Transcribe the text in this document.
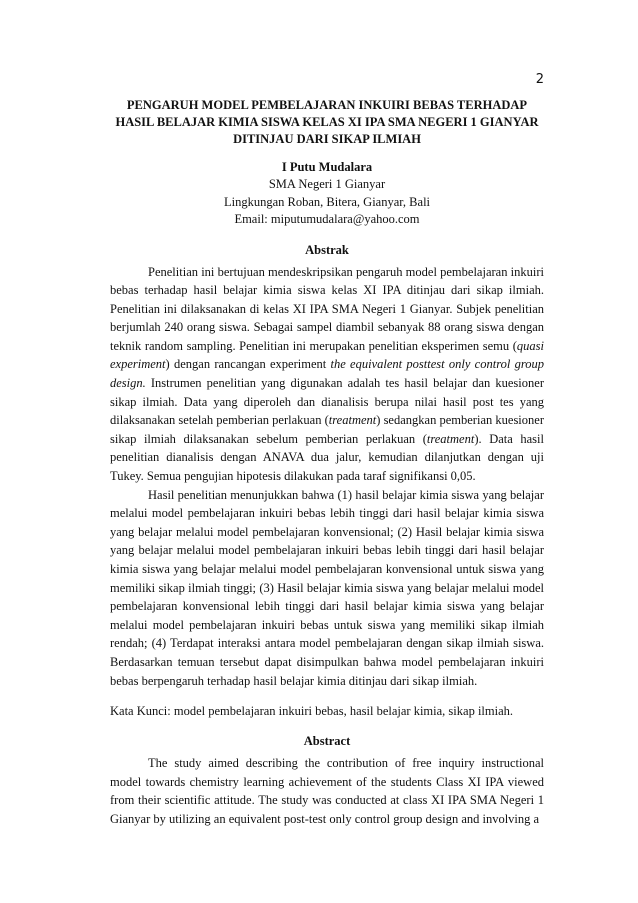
2

PENGARUH MODEL PEMBELAJARAN INKUIRI BEBAS TERHADAP
HASIL BELAJAR KIMIA SISWA KELAS XI IPA SMA NEGERI 1 GIANYAR
DITINJAU DARI SIKAP ILMIAH

I Putu Mudalara

SMA Negeri 1 Gianyar
Lingkungan Roban, Bitera, Gianyar, Bali
Email: miputumudalara@yahoo.com

Abstrak

Penelitian ini bertujuan mendeskripsikan pengaruh model pembelajaran inkuiri bebas terhadap hasil belajar kimia siswa kelas XI IPA ditinjau dari sikap ilmiah. Penelitian ini dilaksanakan di kelas XI IPA SMA Negeri 1 Gianyar. Subjek penelitian berjumlah 240 orang siswa. Sebagai sampel diambil sebanyak 88 orang siswa dengan teknik random sampling. Penelitian ini merupakan penelitian eksperimen semu (quasi experiment) dengan rancangan experiment the equivalent posttest only control group design. Instrumen penelitian yang digunakan adalah tes hasil belajar dan kuesioner sikap ilmiah. Data yang diperoleh dan dianalisis berupa nilai hasil post tes yang dilaksanakan setelah pemberian perlakuan (treatment) sedangkan pemberian kuesioner sikap ilmiah dilaksanakan sebelum pemberian perlakuan (treatment). Data hasil penelitian dianalisis dengan ANAVA dua jalur, kemudian dilanjutkan dengan uji Tukey. Semua pengujian hipotesis dilakukan pada taraf signifikansi 0,05.

Hasil penelitian menunjukkan bahwa (1) hasil belajar kimia siswa yang belajar melalui model pembelajaran inkuiri bebas lebih tinggi dari hasil belajar kimia siswa yang belajar melalui model pembelajaran konvensional; (2) Hasil belajar kimia siswa yang belajar melalui model pembelajaran inkuiri bebas lebih tinggi dari hasil belajar kimia siswa yang belajar melalui model pembelajaran konvensional untuk siswa yang memiliki sikap ilmiah tinggi; (3) Hasil belajar kimia siswa yang belajar melalui model pembelajaran konvensional lebih tinggi dari hasil belajar kimia siswa yang belajar melalui model pembelajaran inkuiri bebas untuk siswa yang memiliki sikap ilmiah rendah; (4) Terdapat interaksi antara model pembelajaran dengan sikap ilmiah siswa. Berdasarkan temuan tersebut dapat disimpulkan bahwa model pembelajaran inkuiri bebas berpengaruh terhadap hasil belajar kimia ditinjau dari sikap ilmiah.

Kata Kunci: model pembelajaran inkuiri bebas, hasil belajar kimia, sikap ilmiah.

Abstract

The study aimed describing the contribution of free inquiry instructional model towards chemistry learning achievement of the students Class XI IPA viewed from their scientific attitude. The study was conducted at class XI IPA SMA Negeri 1 Gianyar by utilizing an equivalent post-test only control group design and involving a
